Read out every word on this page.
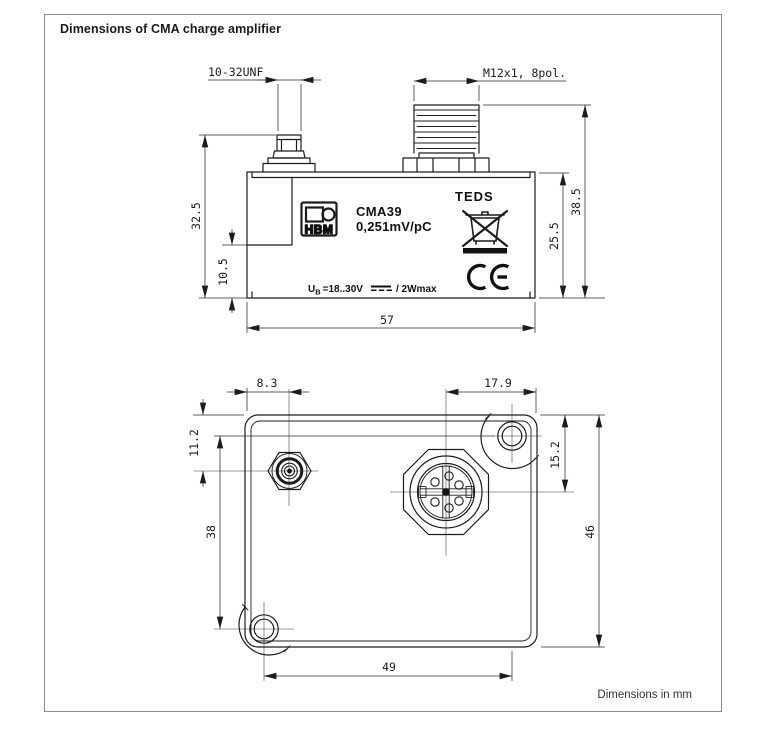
Dimensions of CMA charge amplifier
HBM
CMA39
0,251mV/pC
TEDS
$U_B =18..30V$	/ 2Wmax
10-32UNF	M12x1, 8pol.
32.5
10.5
57
25.5
38.5
8.3	17.9
11.2
38
15.2
46
49
Dimensions in mm
